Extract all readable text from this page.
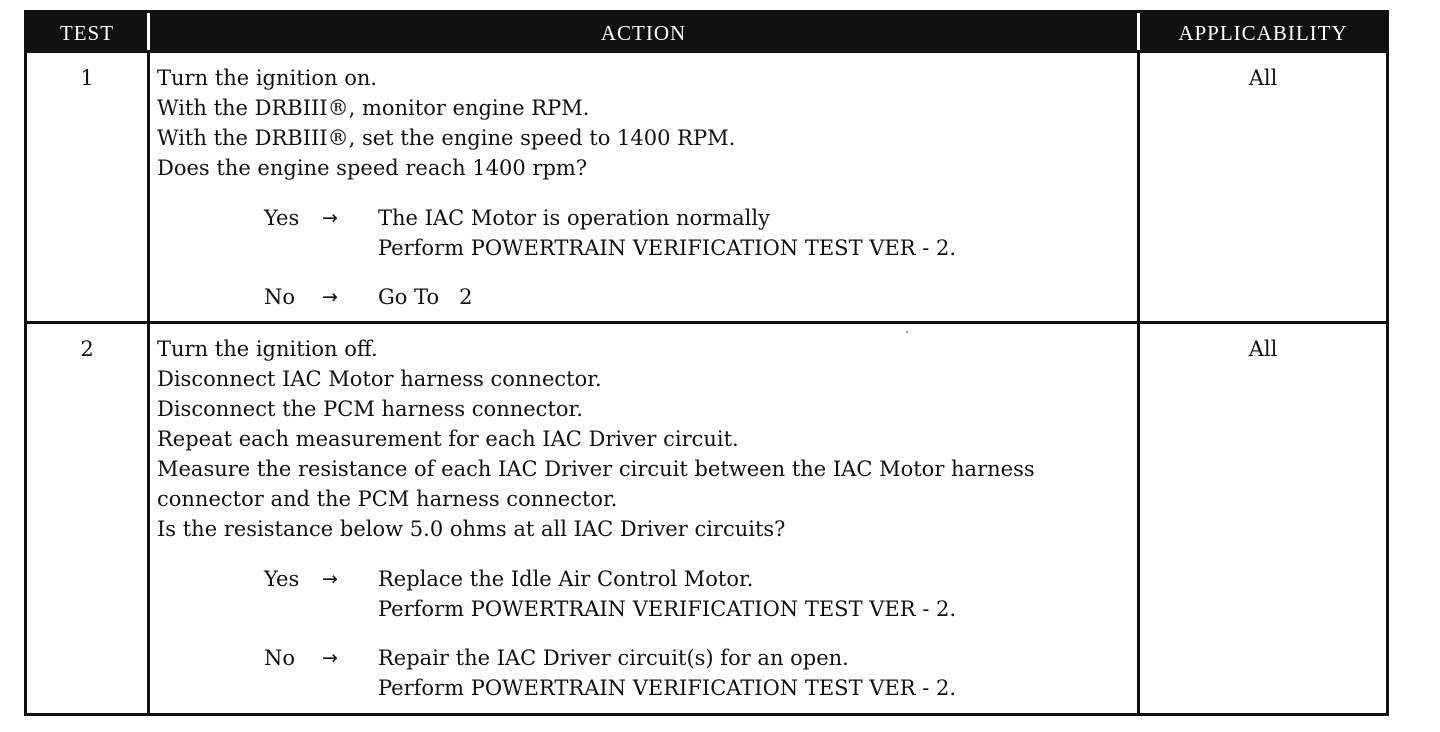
TEST	ACTION	APPLICABILITY
1	Turn the ignition on.
With the DRBIII®, monitor engine RPM.
With the DRBIII®, set the engine speed to 1400 RPM.
Does the engine speed reach 1400 rpm?
Yes	→	The IAC Motor is operation normally
Perform POWERTRAIN VERIFICATION TEST VER - 2.
No	→	Go To   2
All
2	Turn the ignition off.
Disconnect IAC Motor harness connector.
Disconnect the PCM harness connector.
Repeat each measurement for each IAC Driver circuit.
Measure the resistance of each IAC Driver circuit between the IAC Motor harness
connector and the PCM harness connector.
Is the resistance below 5.0 ohms at all IAC Driver circuits?
Yes	→	Replace the Idle Air Control Motor.
Perform POWERTRAIN VERIFICATION TEST VER - 2.
No	→	Repair the IAC Driver circuit(s) for an open.
Perform POWERTRAIN VERIFICATION TEST VER - 2.
All
